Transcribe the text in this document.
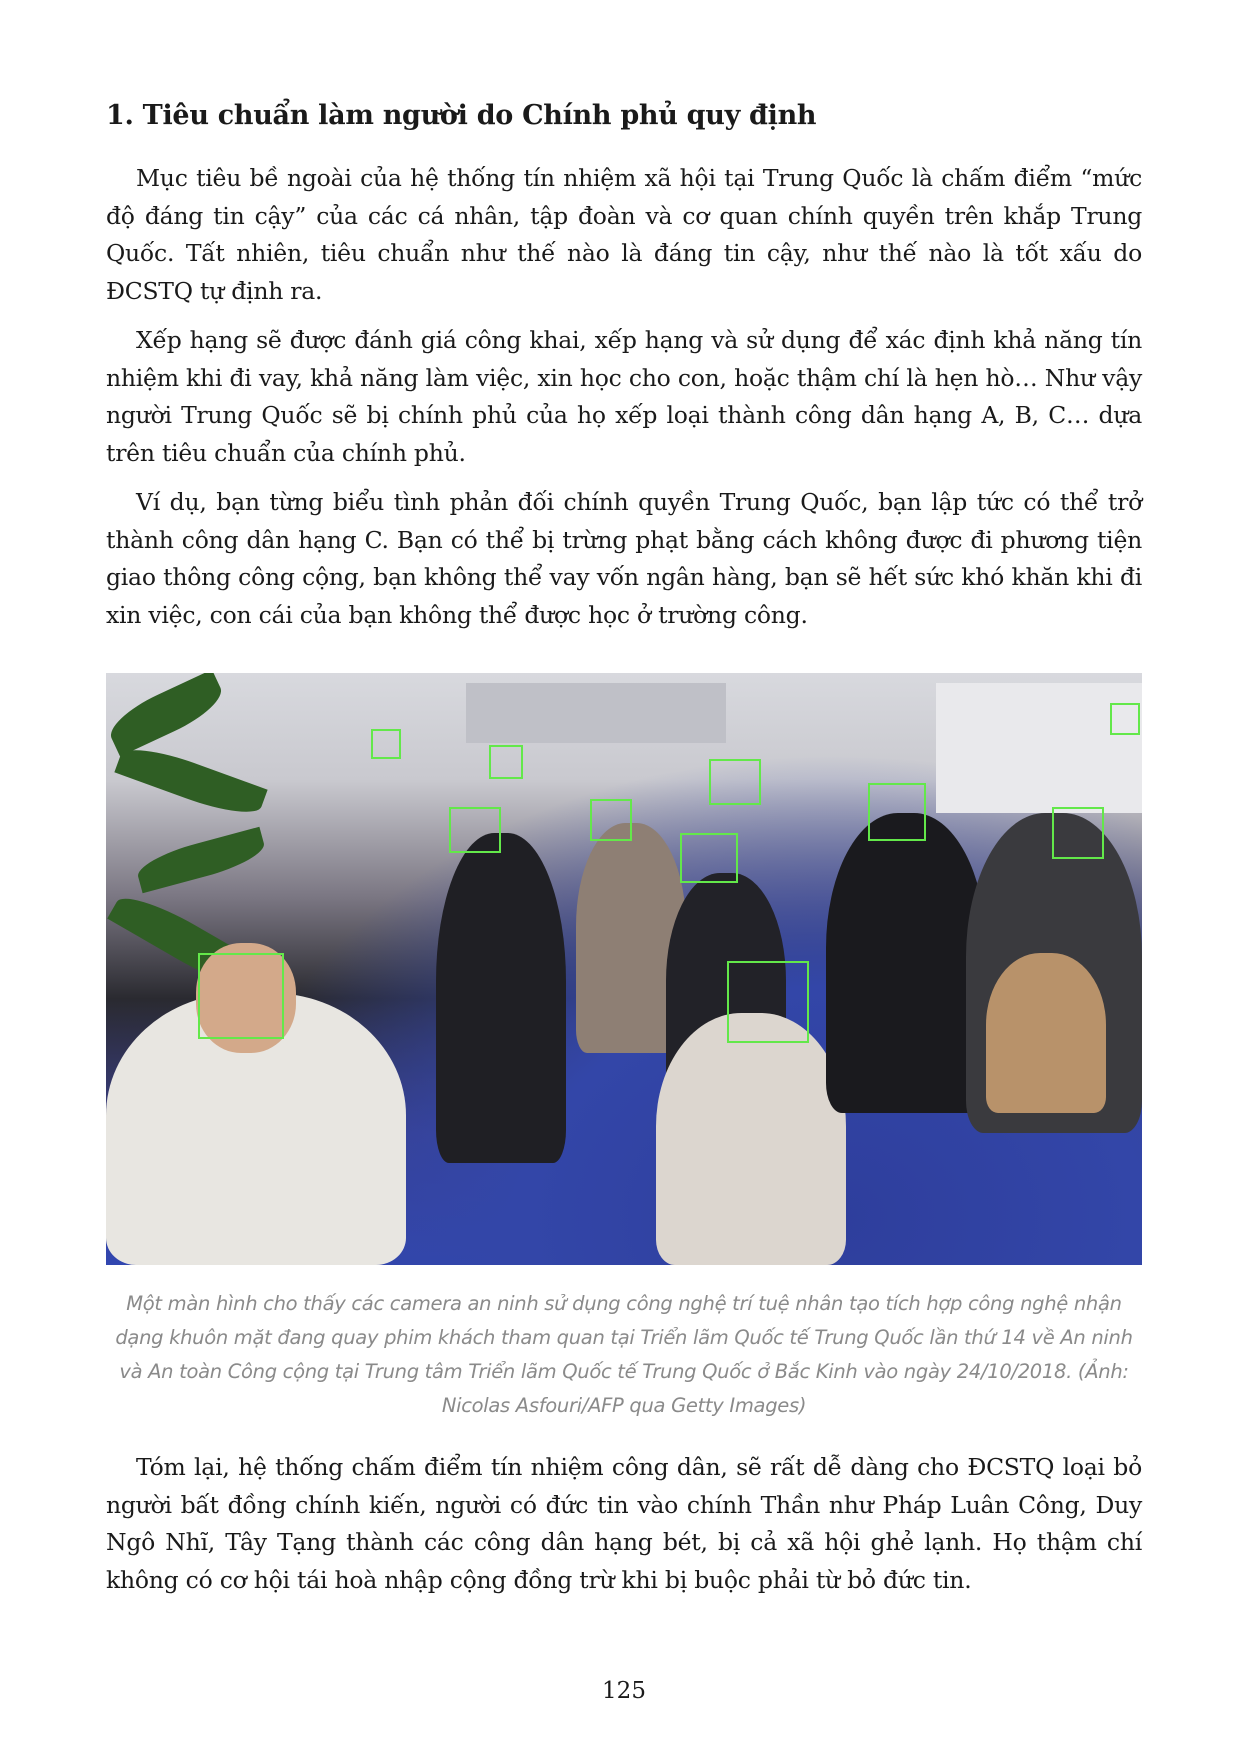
1. Tiêu chuẩn làm người do Chính phủ quy định

Mục tiêu bề ngoài của hệ thống tín nhiệm xã hội tại Trung Quốc là chấm điểm “mức độ đáng tin cậy” của các cá nhân, tập đoàn và cơ quan chính quyền trên khắp Trung Quốc. Tất nhiên, tiêu chuẩn như thế nào là đáng tin cậy, như thế nào là tốt xấu do ĐCSTQ tự định ra.

Xếp hạng sẽ được đánh giá công khai, xếp hạng và sử dụng để xác định khả năng tín nhiệm khi đi vay, khả năng làm việc, xin học cho con, hoặc thậm chí là hẹn hò… Như vậy người Trung Quốc sẽ bị chính phủ của họ xếp loại thành công dân hạng A, B, C… dựa trên tiêu chuẩn của chính phủ.

Ví dụ, bạn từng biểu tình phản đối chính quyền Trung Quốc, bạn lập tức có thể trở thành công dân hạng C. Bạn có thể bị trừng phạt bằng cách không được đi phương tiện giao thông công cộng, bạn không thể vay vốn ngân hàng, bạn sẽ hết sức khó khăn khi đi xin việc, con cái của bạn không thể được học ở trường công.

Một màn hình cho thấy các camera an ninh sử dụng công nghệ trí tuệ nhân tạo tích hợp công nghệ nhận dạng khuôn mặt đang quay phim khách tham quan tại Triển lãm Quốc tế Trung Quốc lần thứ 14 về An ninh và An toàn Công cộng tại Trung tâm Triển lãm Quốc tế Trung Quốc ở Bắc Kinh vào ngày 24/10/2018. (Ảnh: Nicolas Asfouri/AFP qua Getty Images)

Tóm lại, hệ thống chấm điểm tín nhiệm công dân, sẽ rất dễ dàng cho ĐCSTQ loại bỏ người bất đồng chính kiến, người có đức tin vào chính Thần như Pháp Luân Công, Duy Ngô Nhĩ, Tây Tạng thành các công dân hạng bét, bị cả xã hội ghẻ lạnh. Họ thậm chí không có cơ hội tái hoà nhập cộng đồng trừ khi bị buộc phải từ bỏ đức tin.

125
